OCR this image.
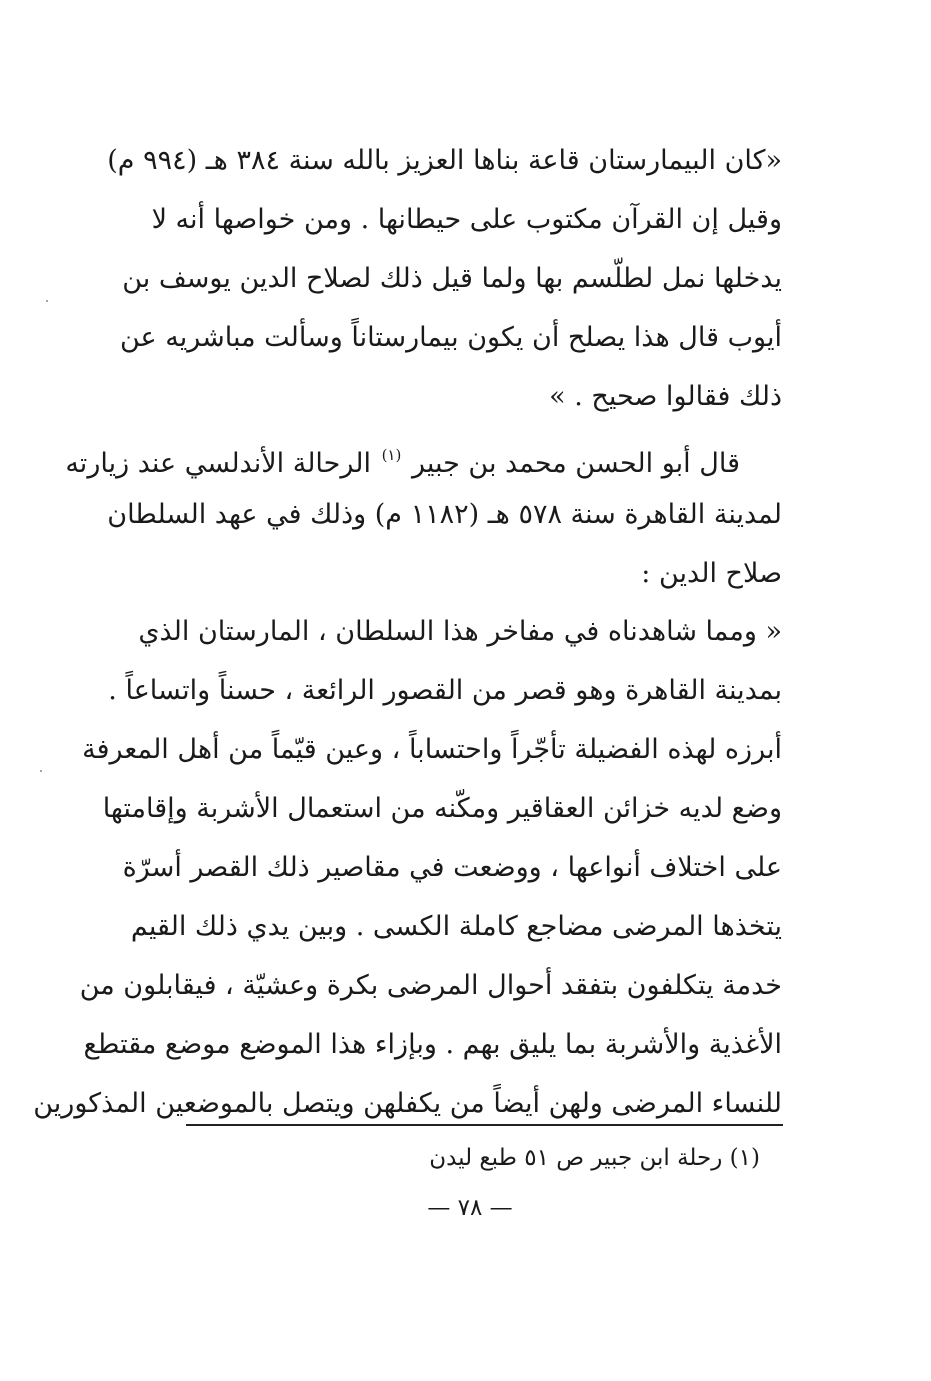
«كان البيمارستان قاعة بناها العزيز بالله سنة ٣٨٤ هـ (٩٩٤ م)
وقيل إن القرآن مكتوب على حيطانها . ومن خواصها أنه لا
يدخلها نمل لطلّسم بها ولما قيل ذلك لصلاح الدين يوسف بن
أيوب قال هذا يصلح أن يكون بيمارستاناً وسألت مباشريه عن
ذلك فقالوا صحيح . »
قال أبو الحسن محمد بن جبير $^{(١)}$ الرحالة الأندلسي عند زيارته
لمدينة القاهرة سنة ٥٧٨ هـ (١١٨٢ م) وذلك في عهد السلطان
صلاح الدين :
« ومما شاهدناه في مفاخر هذا السلطان ، المارستان الذي
بمدينة القاهرة وهو قصر من القصور الرائعة ، حسناً واتساعاً .
أبرزه لهذه الفضيلة تأجّراً واحتساباً ، وعين قيّماً من أهل المعرفة
وضع لديه خزائن العقاقير ومكّنه من استعمال الأشربة وإقامتها
على اختلاف أنواعها ، ووضعت في مقاصير ذلك القصر أسرّة
يتخذها المرضى مضاجع كاملة الكسى . وبين يدي ذلك القيم
خدمة يتكلفون بتفقد أحوال المرضى بكرة وعشيّة ، فيقابلون من
الأغذية والأشربة بما يليق بهم . وبإزاء هذا الموضع موضع مقتطع
للنساء المرضى ولهن أيضاً من يكفلهن ويتصل بالموضعين المذكورين
(١) رحلة ابن جبير ص ٥١ طبع ليدن
— ٧٨ —
